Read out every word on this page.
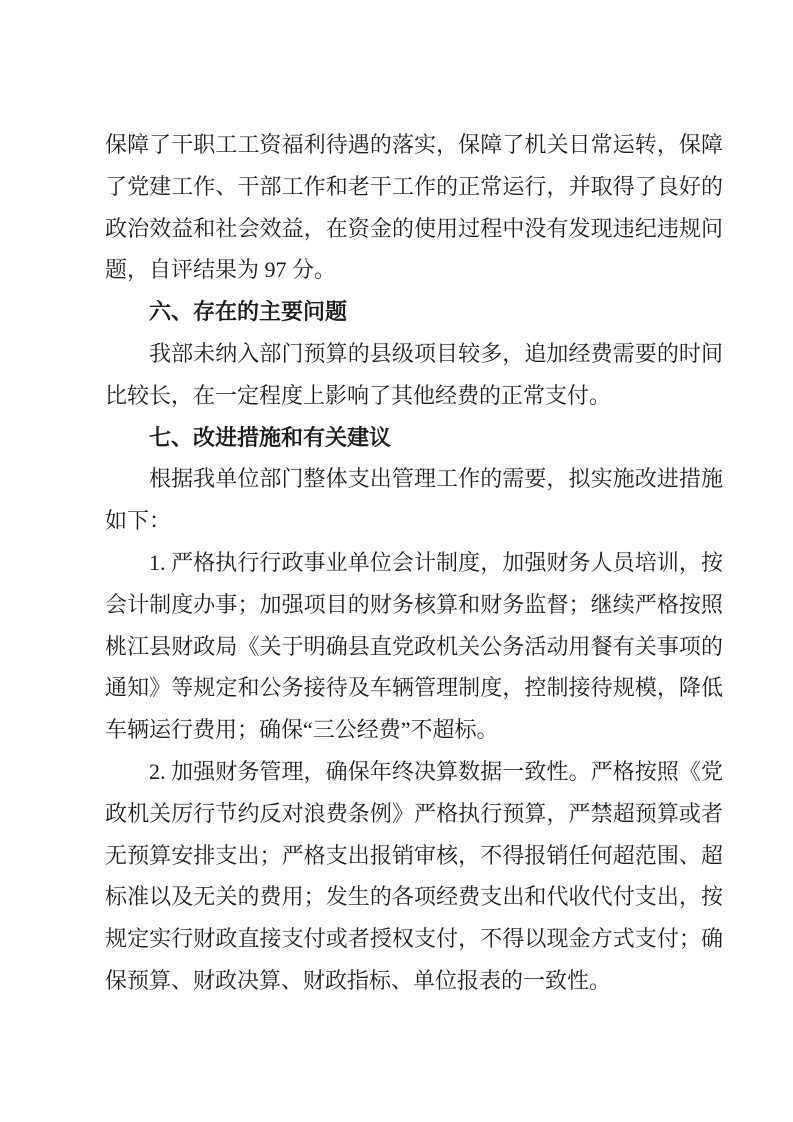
保障了干职工工资福利待遇的落实，保障了机关日常运转，保障了党建工作、干部工作和老干工作的正常运行，并取得了良好的政治效益和社会效益，在资金的使用过程中没有发现违纪违规问题，自评结果为 97 分。

六、存在的主要问题

我部未纳入部门预算的县级项目较多，追加经费需要的时间比较长，在一定程度上影响了其他经费的正常支付。

七、改进措施和有关建议

根据我单位部门整体支出管理工作的需要，拟实施改进措施如下：

1. 严格执行行政事业单位会计制度，加强财务人员培训，按会计制度办事；加强项目的财务核算和财务监督；继续严格按照桃江县财政局《关于明确县直党政机关公务活动用餐有关事项的通知》等规定和公务接待及车辆管理制度，控制接待规模，降低车辆运行费用；确保“三公经费”不超标。

2. 加强财务管理，确保年终决算数据一致性。严格按照《党政机关厉行节约反对浪费条例》严格执行预算，严禁超预算或者无预算安排支出；严格支出报销审核，不得报销任何超范围、超标准以及无关的费用；发生的各项经费支出和代收代付支出，按规定实行财政直接支付或者授权支付，不得以现金方式支付；确保预算、财政决算、财政指标、单位报表的一致性。
